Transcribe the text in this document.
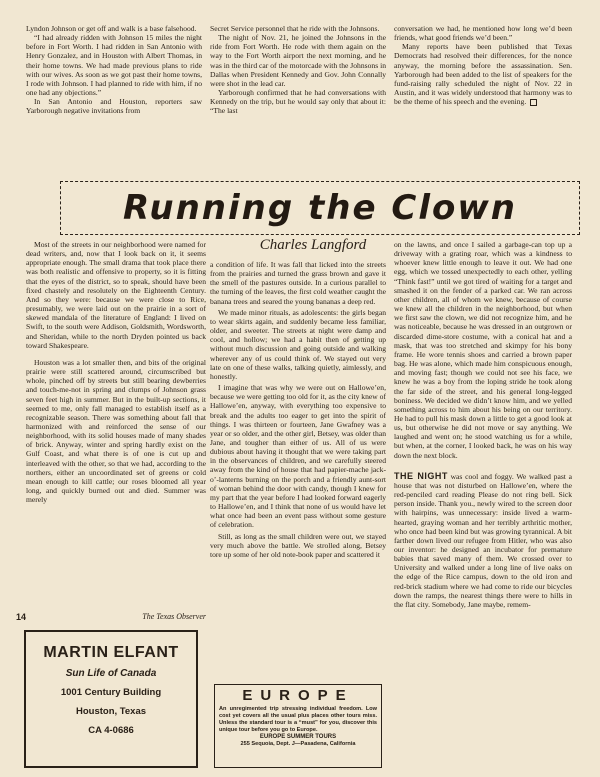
Lyndon Johnson or get off and walk is a base falsehood.

“I had already ridden with Johnson 15 miles the night before in Fort Worth. I had ridden in San Antonio with Henry Gonzalez, and in Houston with Albert Thomas, in their home towns. We had made previous plans to ride with our wives. As soon as we got past their home towns, I rode with Johnson. I had planned to ride with him, if no one had any objections.”

In San Antonio and Houston, reporters saw Yarborough negative invitations from

Secret Service personnel that he ride with the Johnsons.

The night of Nov. 21, he joined the Johnsons in the ride from Fort Worth. He rode with them again on the way to the Fort Worth airport the next morning, and he was in the third car of the motorcade with the Johnsons in Dallas when President Kennedy and Gov. John Connally were shot in the lead car.

Yarborough confirmed that he had conversations with Kennedy on the trip, but he would say only that about it: “The last

conversation we had, he mentioned how long we’d been friends, what good friends we’d been.”

Many reports have been published that Texas Democrats had resolved their differences, for the nonce anyway, the morning before the assassination. Sen. Yarborough had been added to the list of speakers for the fund-raising rally scheduled the night of Nov. 22 in Austin, and it was widely understood that harmony was to be the theme of his speech and the evening.

Running the Clown
Charles Langford

Most of the streets in our neighborhood were named for dead writers, and, now that I look back on it, it seems appropriate enough. The small drama that took place there was both realistic and offensive to property, so it is fitting that the eyes of the district, so to speak, should have been fixed chastely and resolutely on the Eighteenth Century. And so they were: because we were close to Rice, presumably, we were laid out on the prairie in a sort of skewed mandala of the literature of England: I lived on Swift, to the south were Addison, Goldsmith, Wordsworth, and Sheridan, while to the north Dryden pointed us back toward Shakespeare.

Houston was a lot smaller then, and bits of the original prairie were still scattered around, circumscribed but whole, pinched off by streets but still bearing dewberries and touch-me-not in spring and clumps of Johnson grass seven feet high in summer. But in the built-up sections, it seemed to me, only fall managed to establish itself as a recognizable season. There was something about fall that harmonized with and reinforced the sense of our neighborhood, with its solid houses made of many shades of brick. Anyway, winter and spring hardly exist on the Gulf Coast, and what there is of one is cut up and interleaved with the other, so that we had, according to the northers, either an uncoordinated set of greens or cold mean enough to kill cattle; our roses bloomed all year long, and quickly burned out and died. Summer was merely

a condition of life. It was fall that licked into the streets from the prairies and turned the grass brown and gave it the smell of the pastures outside. In a curious parallel to the turning of the leaves, the first cold weather caught the banana trees and seared the young bananas a deep red.

We made minor rituals, as adolescents: the girls began to wear skirts again, and suddenly became less familiar, older, and sweeter. The streets at night were damp and cool, and hollow; we had a habit then of getting up without much discussion and going outside and walking wherever any of us could think of. We stayed out very late on one of these walks, talking quietly, aimlessly, and honestly.

I imagine that was why we were out on Hallowe’en, because we were getting too old for it, as the city knew of Hallowe’en, anyway, with everything too expensive to break and the adults too eager to get into the spirit of things. I was thirteen or fourteen, Jane Gwafney was a year or so older, and the other girl, Betsey, was older than Jane, and tougher than either of us. All of us were dubious about having it thought that we were taking part in the observances of children, and we carefully steered away from the kind of house that had papier-mache jack-o’-lanterns burning on the porch and a friendly aunt-sort of woman behind the door with candy, though I knew for my part that the year before I had looked forward eagerly to Hallowe’en, and I think that none of us would have let what once had been an event pass without some gesture of celebration.

Still, as long as the small children were out, we stayed very much above the battle. We strolled along, Betsey tore up some of her old note-book paper and scattered it

on the lawns, and once I sailed a garbage-can top up a driveway with a grating roar, which was a kindness to whoever knew little enough to leave it out. We had one egg, which we tossed unexpectedly to each other, yelling “Think fast!” until we got tired of waiting for a target and smashed it on the fender of a parked car. We ran across other children, all of whom we knew, because of course we knew all the children in the neighborhood, but when we first saw the clown, we did not recognize him, and he was noticeable, because he was dressed in an outgrown or discarded dime-store costume, with a conical hat and a mask, that was too stretched and skimpy for his bony frame. He wore tennis shoes and carried a brown paper bag. He was alone, which made him conspicuous enough, and moving fast; though we could not see his face, we knew he was a boy from the loping stride he took along the far side of the street, and his general long-legged boniness. We decided we didn’t know him, and we yelled something across to him about his being on our territory. He had to pull his mask down a little to get a good look at us, but otherwise he did not move or say anything. We laughed and went on; he stood watching us for a while, but when, at the corner, I looked back, he was on his way down the next block.

THE NIGHT was cool and foggy. We walked past a house that was not disturbed on Hallowe’en, where the red-penciled card reading Please do not ring bell. Sick person inside. Thank you., newly wired to the screen door with hairpins, was unnecessary: inside lived a warm-hearted, graying woman and her terribly arthritic mother, who once had been kind but was growing tyrannical. A bit farther down lived our refugee from Hitler, who was also our inventor: he designed an incubator for premature babies that saved many of them. We crossed over to University and walked under a long line of live oaks on the edge of the Rice campus, down to the old iron and red-brick stadium where we had come to ride our bicycles down the ramps, the nearest things there were to hills in the flat city. Somebody, Jane maybe, remem-

14	The Texas Observer
MARTIN ELFANT
Sun Life of Canada
1001 Century Building
Houston, Texas
CA 4-0686
EUROPE
An unregimented trip stressing individual freedom. Low cost yet covers all the usual plus places other tours miss. Unless the standard tour is a “must” for you, discover this unique tour before you go to Europe.
EUROPE SUMMER TOURS
255 Sequoia, Dept. J—Pasadena, California
